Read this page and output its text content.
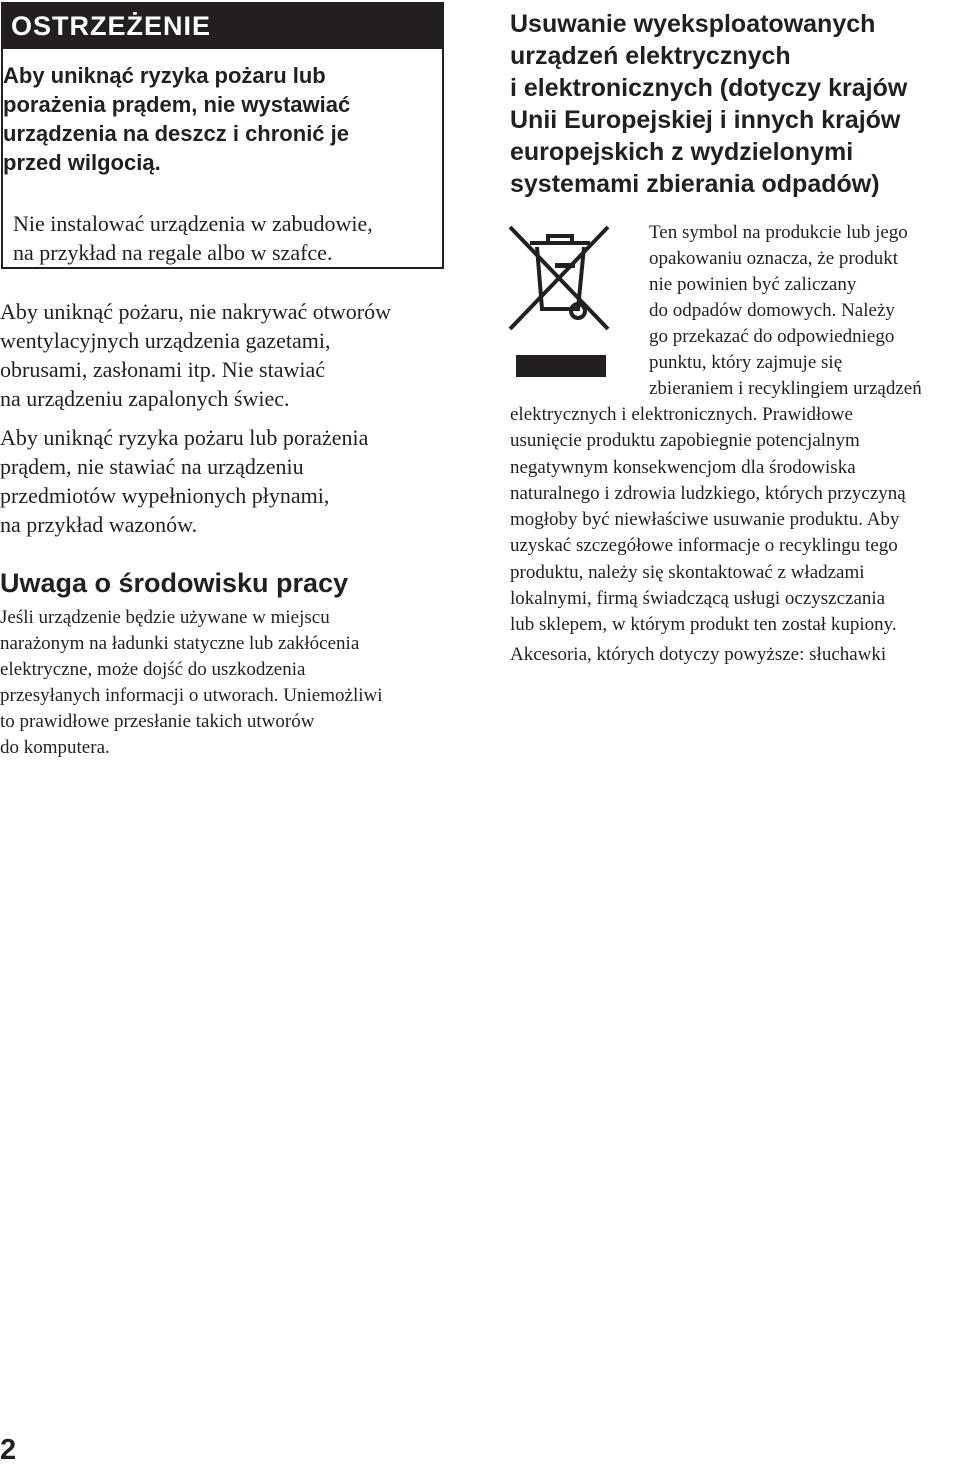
OSTRZEŻENIE

Aby uniknąć ryzyka pożaru lub
porażenia prądem, nie wystawiać
urządzenia na deszcz i chronić je
przed wilgocią.

Nie instalować urządzenia w zabudowie,
na przykład na regale albo w szafce.

Aby uniknąć pożaru, nie nakrywać otworów
wentylacyjnych urządzenia gazetami,
obrusami, zasłonami itp. Nie stawiać
na urządzeniu zapalonych świec.

Aby uniknąć ryzyka pożaru lub porażenia
prądem, nie stawiać na urządzeniu
przedmiotów wypełnionych płynami,
na przykład wazonów.

Uwaga o środowisku pracy

Jeśli urządzenie będzie używane w miejscu
narażonym na ładunki statyczne lub zakłócenia
elektryczne, może dojść do uszkodzenia
przesyłanych informacji o utworach. Uniemożliwi
to prawidłowe przesłanie takich utworów
do komputera.

Usuwanie wyeksploatowanych
urządzeń elektrycznych
i elektronicznych (dotyczy krajów
Unii Europejskiej i innych krajów
europejskich z wydzielonymi
systemami zbierania odpadów)

Ten symbol na produkcie lub jego
opakowaniu oznacza, że produkt
nie powinien być zaliczany
do odpadów domowych. Należy
go przekazać do odpowiedniego
punktu, który zajmuje się
zbieraniem i recyklingiem urządzeń

elektrycznych i elektronicznych. Prawidłowe
usunięcie produktu zapobiegnie potencjalnym
negatywnym konsekwencjom dla środowiska
naturalnego i zdrowia ludzkiego, których przyczyną
mogłoby być niewłaściwe usuwanie produktu. Aby
uzyskać szczegółowe informacje o recyklingu tego
produktu, należy się skontaktować z władzami
lokalnymi, firmą świadczącą usługi oczyszczania
lub sklepem, w którym produkt ten został kupiony.

Akcesoria, których dotyczy powyższe: słuchawki

2
